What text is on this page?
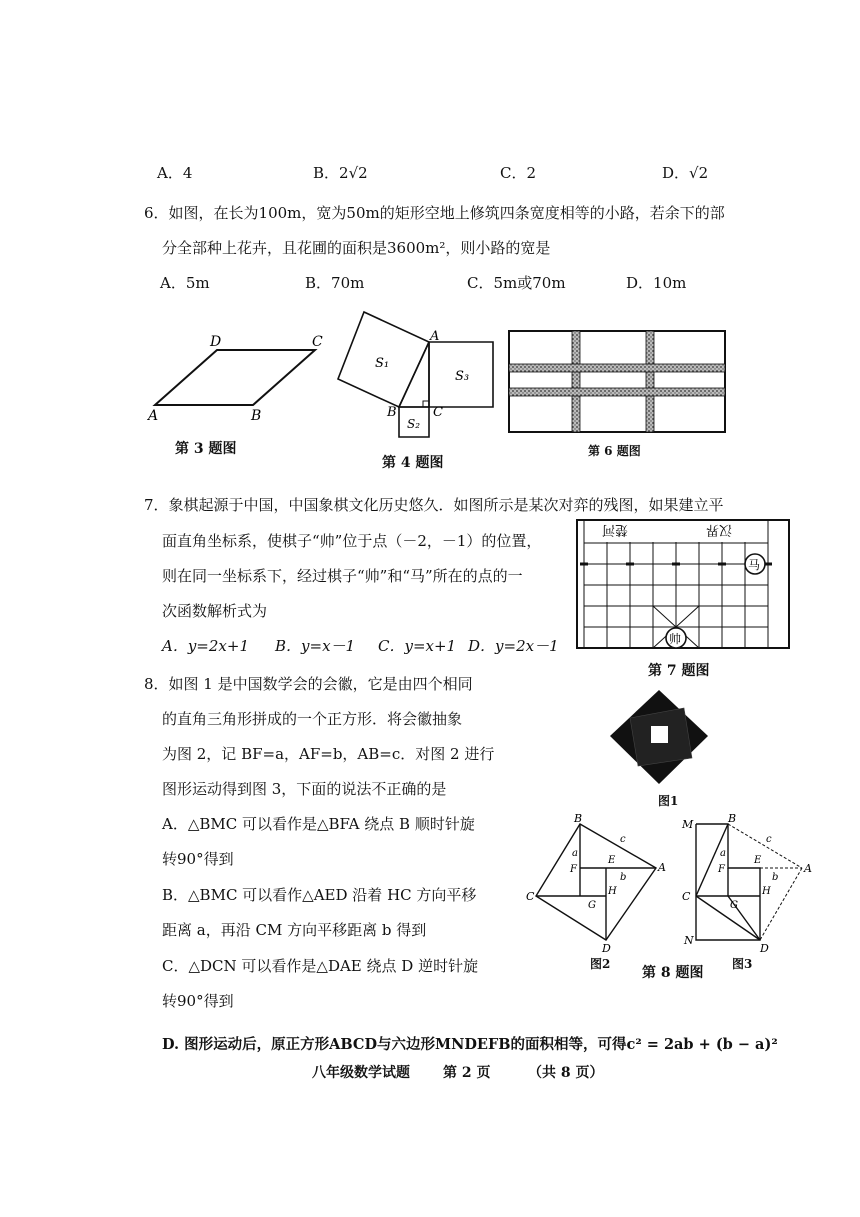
A．4	B．2√2	C．2	D．√2
6．如图，在长为100m，宽为50m的矩形空地上修筑四条宽度相等的小路，若余下的部
分全部种上花卉，且花圃的面积是3600m²，则小路的宽是
A．5m	B．70m	C．5m或70m	D．10m
D	C
A	B
第 3 题图
A
B	C
S₁
S₃
S₂
第 4 题图
第 6 题图
7．象棋起源于中国，中国象棋文化历史悠久．如图所示是某次对弈的残图，如果建立平
面直角坐标系，使棋子“帅”位于点（－2，－1）的位置，
则在同一坐标系下，经过棋子“帅”和“马”所在的点的一
次函数解析式为
A．y=2x+1 B．y=x－1 C．y=x+1 D．y=2x－1
楚河	汉界
马
帅
第 7 题图
8．如图 1 是中国数学会的会徽，它是由四个相同
的直角三角形拼成的一个正方形．将会徽抽象
为图 2，记 BF=a，AF=b，AB=c．对图 2 进行
图形运动得到图 3，下面的说法不正确的是
A．△BMC 可以看作是△BFA 绕点 B 顺时针旋
转90°得到
B．△BMC 可以看作△AED 沿着 HC 方向平移
距离 a，再沿 CM 方向平移距离 b 得到
C．△DCN 可以看作是△DAE 绕点 D 逆时针旋
转90°得到
D. 图形运动后，原正方形ABCD与六边形MNDEFB的面积相等，可得c² = 2ab + (b − a)²
图1
B
A
D
C
E
F
G
H
a
b
c
图2
M	B
A
D
C
N
E
F
G
H
a
b
c
图3
第 8 题图
八年级数学试题 第 2 页	（共 8 页）
